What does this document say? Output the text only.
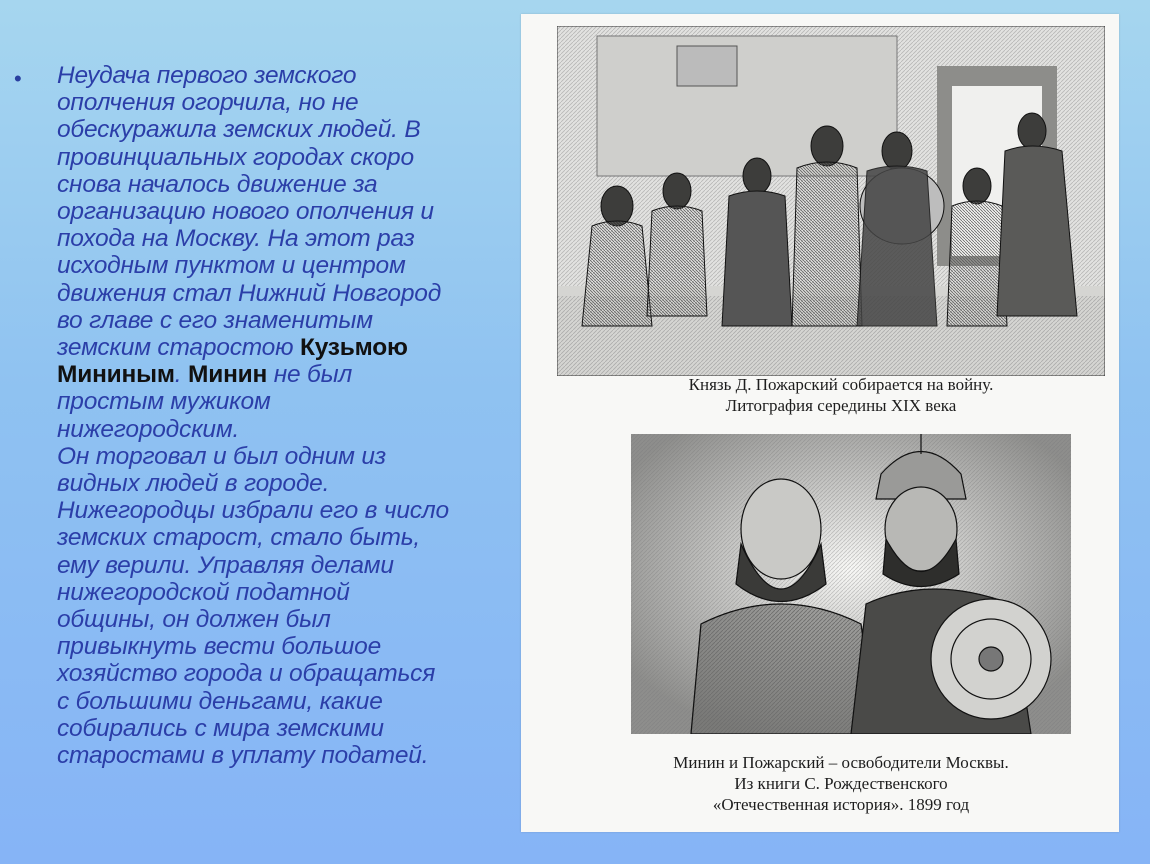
• Неудача первого земского
ополчения огорчила, но не
обескуражила земских людей. В
провинциальных городах скоро
снова началось движение за
организацию нового ополчения и
похода на Москву. На этот раз
исходным пунктом и центром
движения стал Нижний Новгород
во главе с его знаменитым
земским старостою Кузьмою
Мининым. Минин не был
простым мужиком
нижегородским.
Он торговал и был одним из
видных людей в городе.
Нижегородцы избрали его в число
земских старост, стало быть,
ему верили. Управляя делами
нижегородской податной
общины, он должен был
привыкнуть вести большое
хозяйство города и обращаться
с большими деньгами, какие
собирались с мира земскими
старостами в уплату податей.
Князь Д. Пожарский собирается на войну.
Литография середины XIX века
Минин и Пожарский – освободители Москвы.
Из книги С. Рождественского
«Отечественная история». 1899 год
